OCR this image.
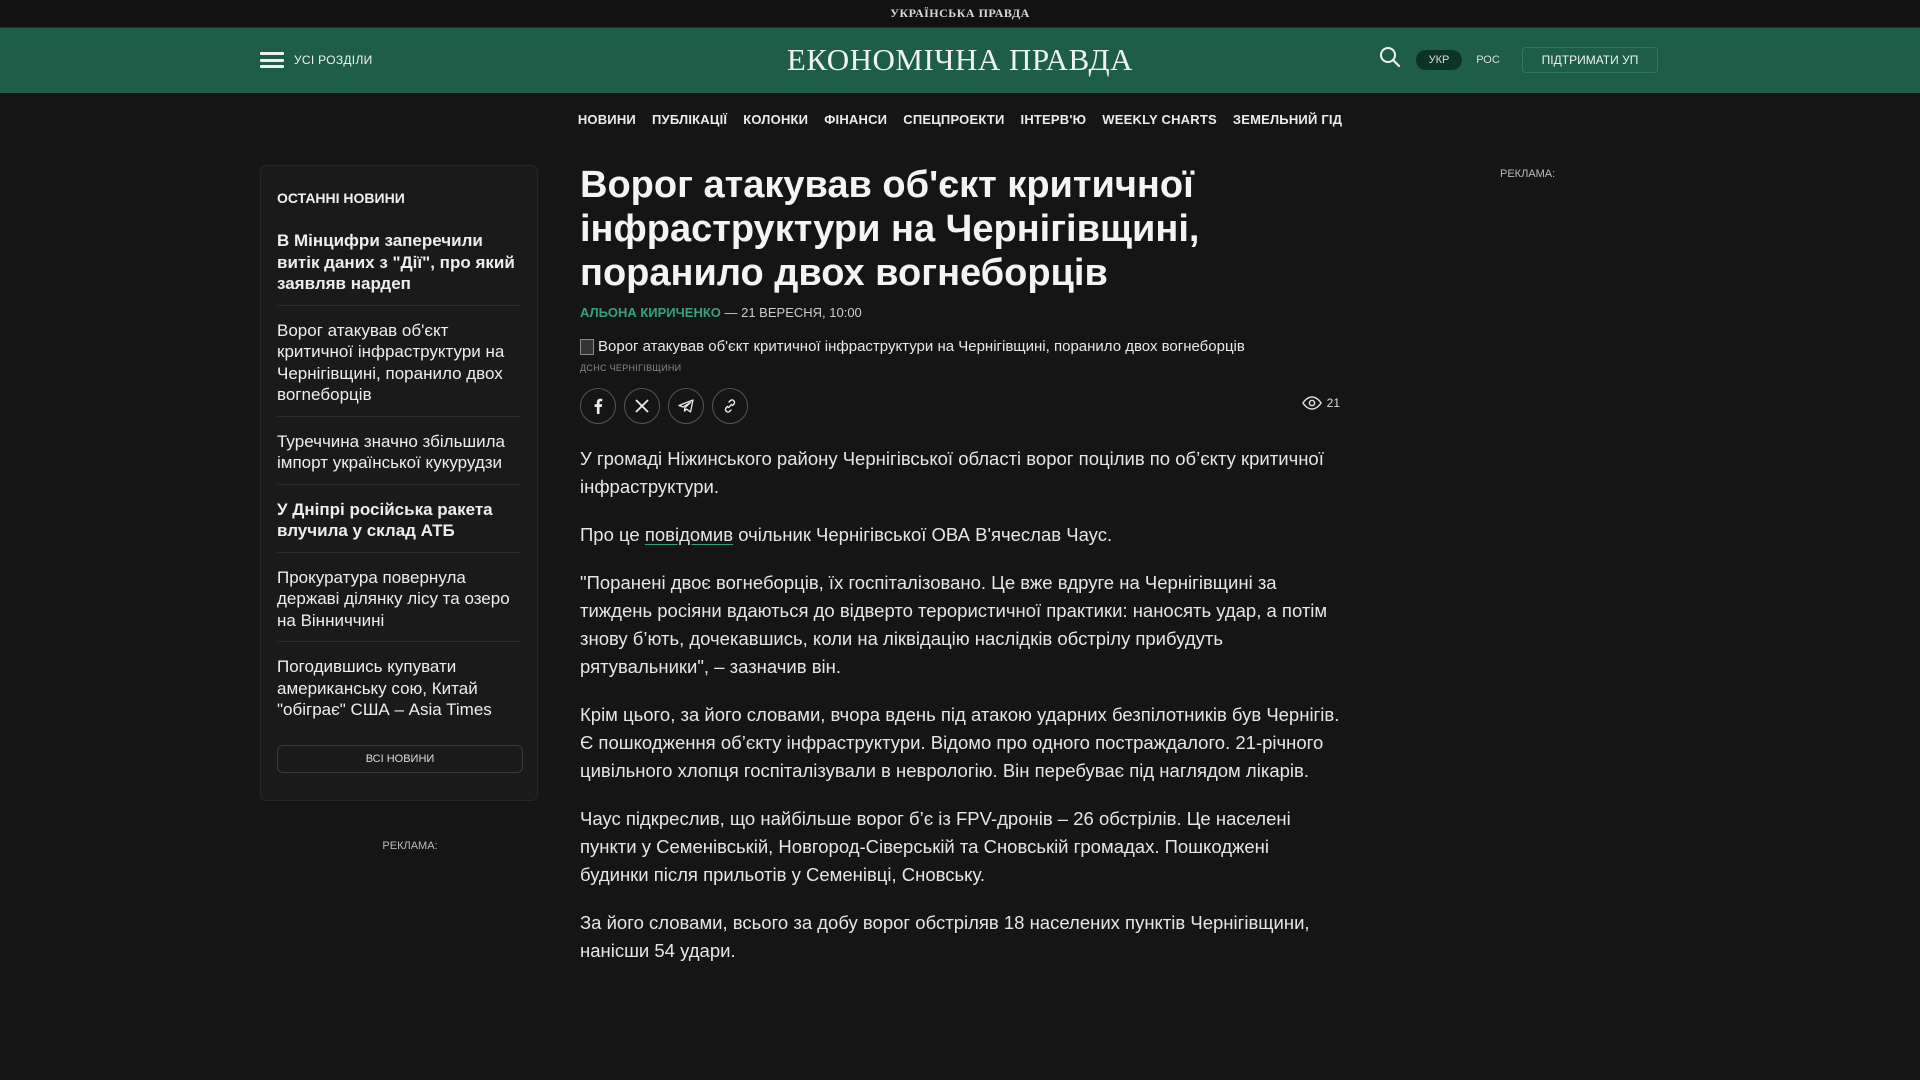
УКРАЇНСЬКА ПРАВДА
УСІ РОЗДІЛИ	ЕКОНОМІЧНА ПРАВДА	УКР	РОС	ПІДТРИМАТИ УП
НОВИНИ ПУБЛІКАЦІЇ КОЛОНКИ ФІНАНСИ СПЕЦПРОЕКТИ ІНТЕРВ'Ю WEEKLY CHARTS ЗЕМЕЛЬНИЙ ГІД
ОСТАННІ НОВИНИ
В Мінцифри заперечили витік даних з "Дії", про який заявляв нардеп
Ворог атакував об'єкт критичної інфраструктури на Чернігівщині, поранило двох вогneборців
Туреччина значно збільшила імпорт української кукурудзи
У Дніпрі російська ракета влучила у склад АТБ
Прокуратура повернула державі ділянку лісу та озеро на Вінниччині
Погодившись купувати американську сою, Китай "обіграє" США – Asia Times
ВСІ НОВИНИ
РЕКЛАМА:
РЕКЛАМА:
Ворог атакував об'єкт критичної інфраструктури на Чернігівщині, поранило двох вогнеборців
АЛЬОНА КИРИЧЕНКО — 21 ВЕРЕСНЯ, 10:00
Ворог атакував об'єкт критичної інфраструктури на Чернігівщині, поранило двох вогнеборців
ДСНС ЧЕРНІГІВЩИНИ
21

У громаді Ніжинського району Чернігівської області ворог поцілив по об’єкту критичної інфраструктури.

Про це повідомив очільник Чернігівської ОВА В'ячеслав Чаус.

"Поранені двоє вогнеборців, їх госпіталізовано. Це вже вдруге на Чернігівщині за тиждень росіяни вдаються до відверто терористичної практики: наносять удар, а потім знову б’ють, дочекавшись, коли на ліквідацію наслідків обстрілу прибудуть рятувальники", – зазначив він.

Крім цього, за його словами, вчора вдень під атакою ударних безпілотників був Чернігів. Є пошкодження об’єкту інфраструктури. Відомо про одного постраждалого. 21-річного цивільного хлопця госпіталізували в неврологію. Він перебуває під наглядом лікарів.

Чаус підкреслив, що найбільше ворог б’є із FPV-дронів – 26 обстрілів. Це населені пункти у Семенівській, Новгород-Сіверській та Сновській громадах. Пошкоджені будинки після прильотів у Семенівці, Сновську.

За його словами, всього за добу ворог обстріляв 18 населених пунктів Чернігівщини, нанісши 54 удари.
